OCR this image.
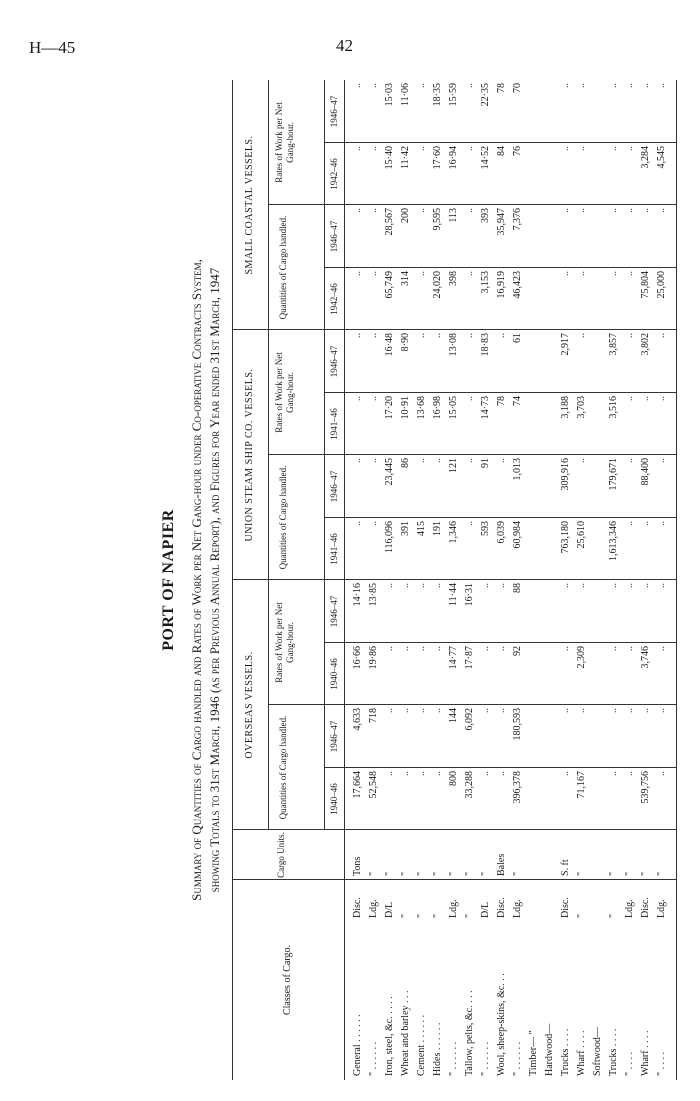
H—45	42
PORT OF NAPIER Summary of Quantities of Cargo handled and Rates of Work per Net Gang-hour under Co-operative Contracts System, showing Totals to 31st March, 1946 (as per Previous Annual Report), and Figures for Year ended 31st March, 1947
Classes of Cargo.
Cargo Units.
OVERSEAS VESSELS.
UNION STEAM SHIP CO. VESSELS.
SMALL COASTAL VESSELS.
Quantities of Cargo handled.
Rates of Work per Net Gang-hour.
Quantities of Cargo handled.
Rates of Work per Net Gang-hour.
Quantities of Cargo handled.
Rates of Work per Net Gang-hour.
1940–46
1946–47
1940–46
1946–47
1941–46
1946–47
1941–46
1946–47
1942–46
1946–47
1942–46
1946–47
General . . . . . .
Disc.
Tons
17,664
4,633
16·66
14·16
..
..
..
..
..
..
..
..
" . . . . . .
Ldg.
"
52,548
718
19·86
13·85
..
..
..
..
..
..
..
..
Iron, steel, &c. . . . .
D/L
"
..
..
..
..
116,096
23,445
17·20
16·48
65,749
28,567
15·40
15·03
Wheat and barley . . .
"
"
..
..
..
..
391
86
10·91
8·90
314
200
11·42
11·06
Cement . . . . . .
"
"
..
..
..
..
415
..
13·68
..
..
..
..
..
Hides . . . . . .
"
"
..
..
..
..
191
..
16·98
..
24,020
9,595
17·60
18·35
" . . . . . .
Ldg.
"
800
144
14·77
11·44
1,346
121
15·05
13·08
398
113
16·94
15·59
Tallow, pelts, &c. . . .
"
"
33,288
6,092
17·87
16·31
..
..
..
..
..
..
..
..
" . . . . . .
D/L
"
..
..
..
..
593
91
14·73
18·83
3,153
393
14·52
22·35
Wool, sheep-skins, &c. . .
Disc.
Bales
..
..
..
..
6,039
..
78
..
16,919
35,947
84
78
" . . . . . .
Ldg.
"
396,378
180,593
92
88
60,984
1,013
74
61
46,423
7,376
76
70
Timber— " Hardwood— Trucks . . . .
Disc.
S. ft
..
..
..
..
763,180
309,916
3,188
2,917
..
..
..
..
Wharf . . . .
"
"
71,167
..
2,309
..
25,610
..
3,703
..
..
..
..
..
Softwood— Trucks . . . .
"
"
..
..
..
..
1,613,346
179,671
3,516
3,857
..
..
..
..
" . . . .
Ldg.
"
..
..
..
..
..
..
..
..
..
..
..
..
Wharf . . . .
Disc.
"
539,756
..
3,746
..
..
88,400
..
3,802
75,804
..
3,284
..
" . . . .
Ldg.
"
..
..
..
..
..
..
..
..
25,000
..
4,545
..
